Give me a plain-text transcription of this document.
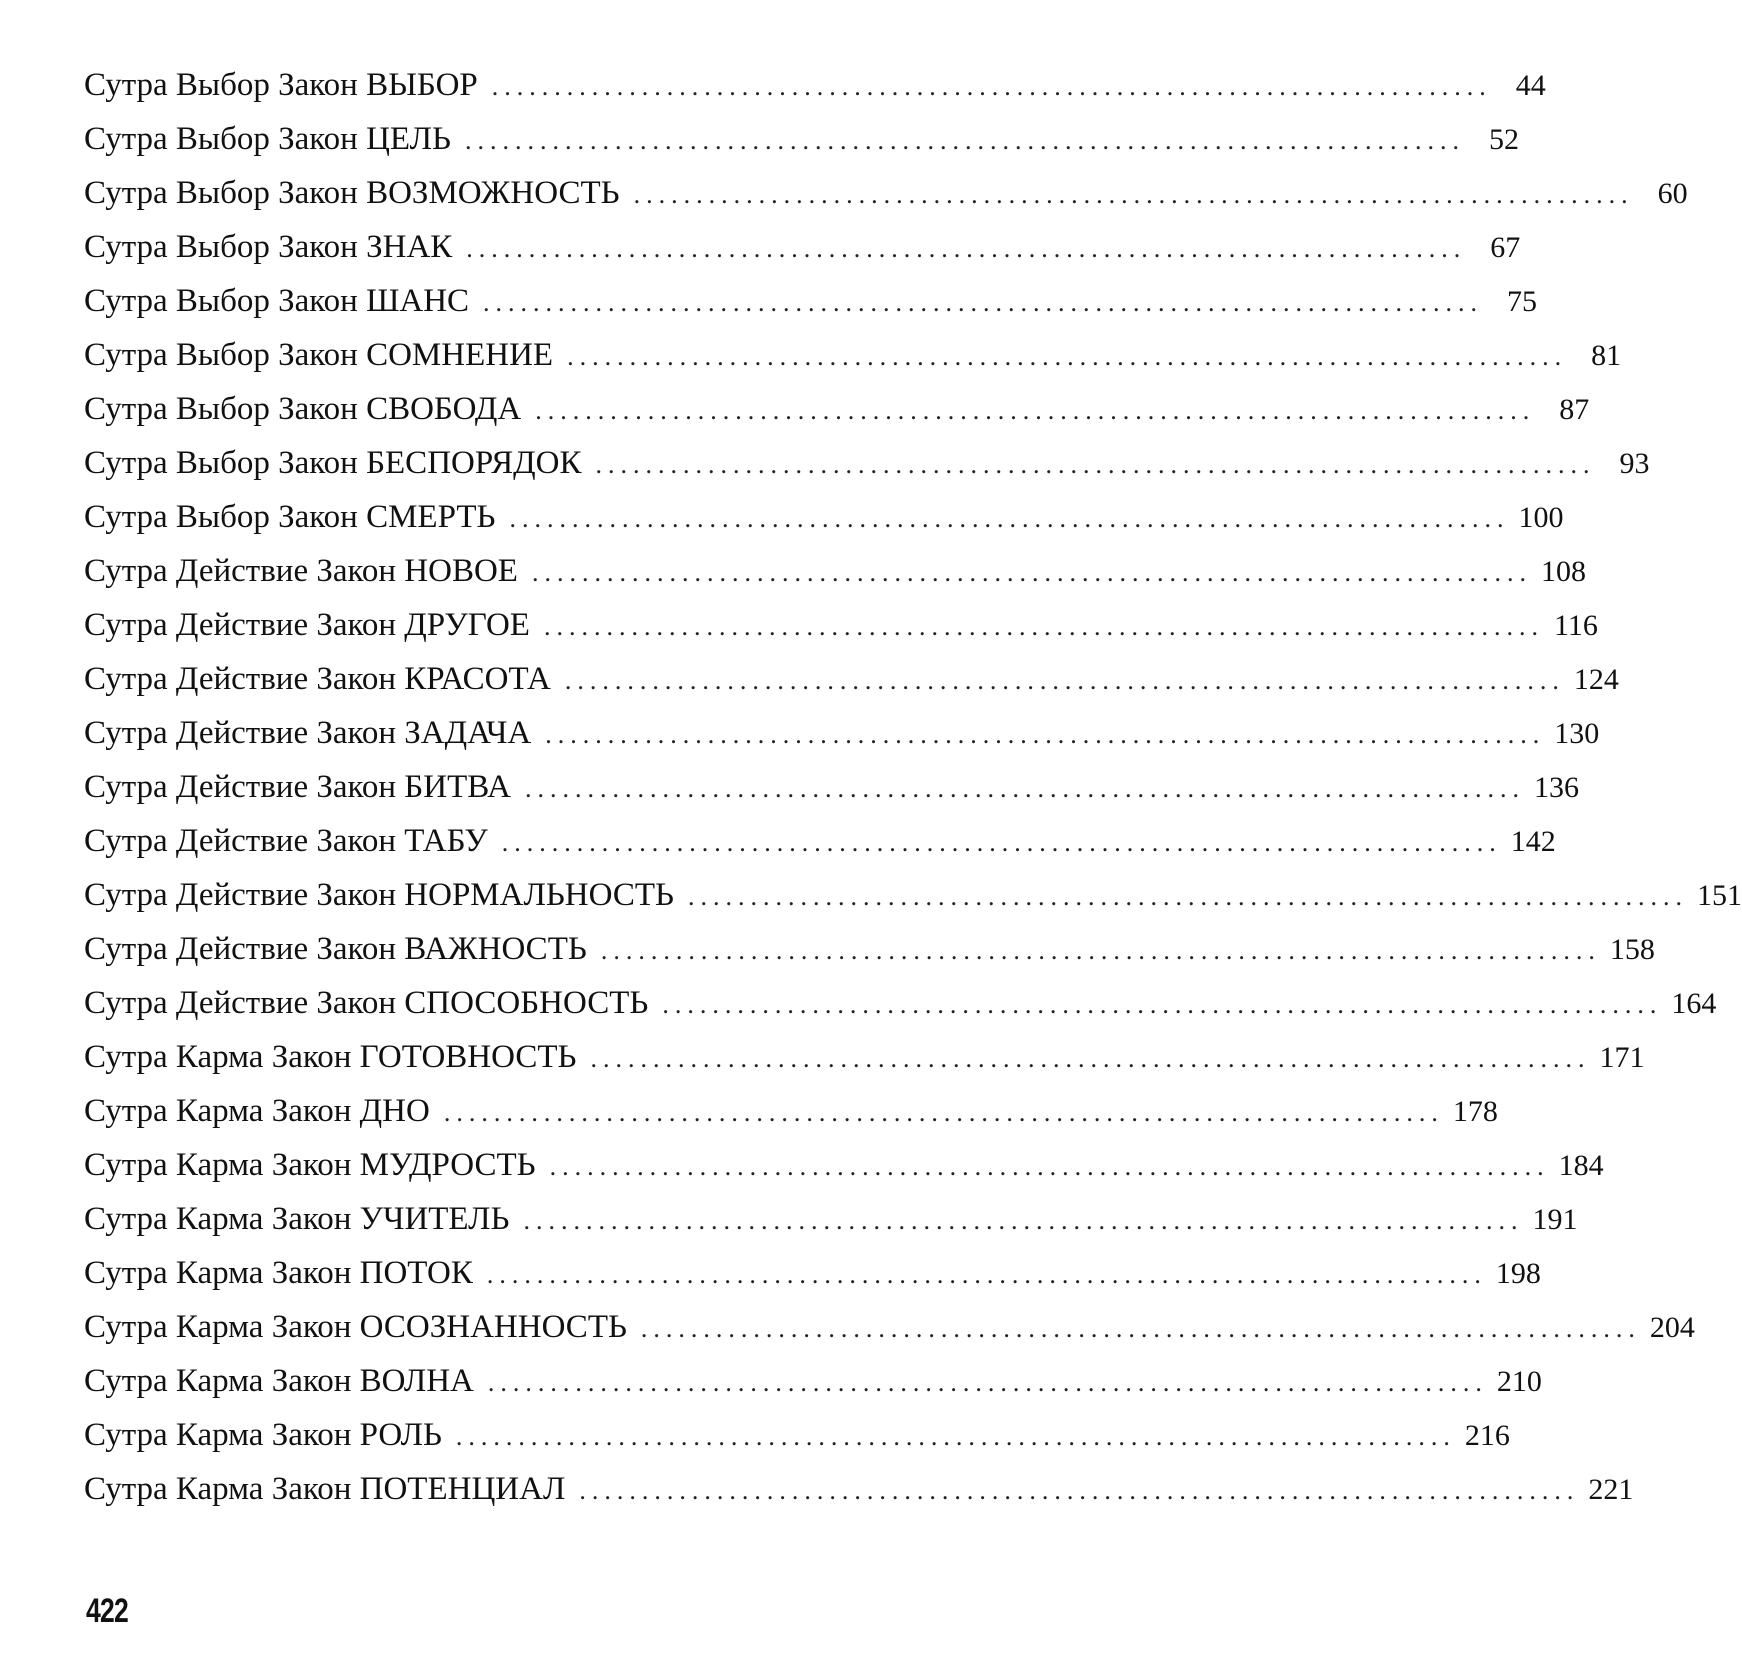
Сутра Выбор Закон ВЫБОР ................................................................................ 44
Сутра Выбор Закон ЦЕЛЬ ................................................................................ 52
Сутра Выбор Закон ВОЗМОЖНОСТЬ ................................................................................ 60
Сутра Выбор Закон ЗНАК ................................................................................ 67
Сутра Выбор Закон ШАНС ................................................................................ 75
Сутра Выбор Закон СОМНЕНИЕ ................................................................................ 81
Сутра Выбор Закон СВОБОДА ................................................................................ 87
Сутра Выбор Закон БЕСПОРЯДОК ................................................................................ 93
Сутра Выбор Закон СМЕРТЬ ................................................................................ 100
Сутра Действие Закон НОВОЕ ................................................................................ 108
Сутра Действие Закон ДРУГОЕ ................................................................................ 116
Сутра Действие Закон КРАСОТА ................................................................................ 124
Сутра Действие Закон ЗАДАЧА ................................................................................ 130
Сутра Действие Закон БИТВА ................................................................................ 136
Сутра Действие Закон ТАБУ ................................................................................ 142
Сутра Действие Закон НОРМАЛЬНОСТЬ ................................................................................ 151
Сутра Действие Закон ВАЖНОСТЬ ................................................................................ 158
Сутра Действие Закон СПОСОБНОСТЬ ................................................................................ 164
Сутра Карма Закон ГОТОВНОСТЬ ................................................................................ 171
Сутра Карма Закон ДНО ................................................................................ 178
Сутра Карма Закон МУДРОСТЬ ................................................................................ 184
Сутра Карма Закон УЧИТЕЛЬ ................................................................................ 191
Сутра Карма Закон ПОТОК ................................................................................ 198
Сутра Карма Закон ОСОЗНАННОСТЬ ................................................................................ 204
Сутра Карма Закон ВОЛНА ................................................................................ 210
Сутра Карма Закон РОЛЬ ................................................................................ 216
Сутра Карма Закон ПОТЕНЦИАЛ ................................................................................ 221
422
